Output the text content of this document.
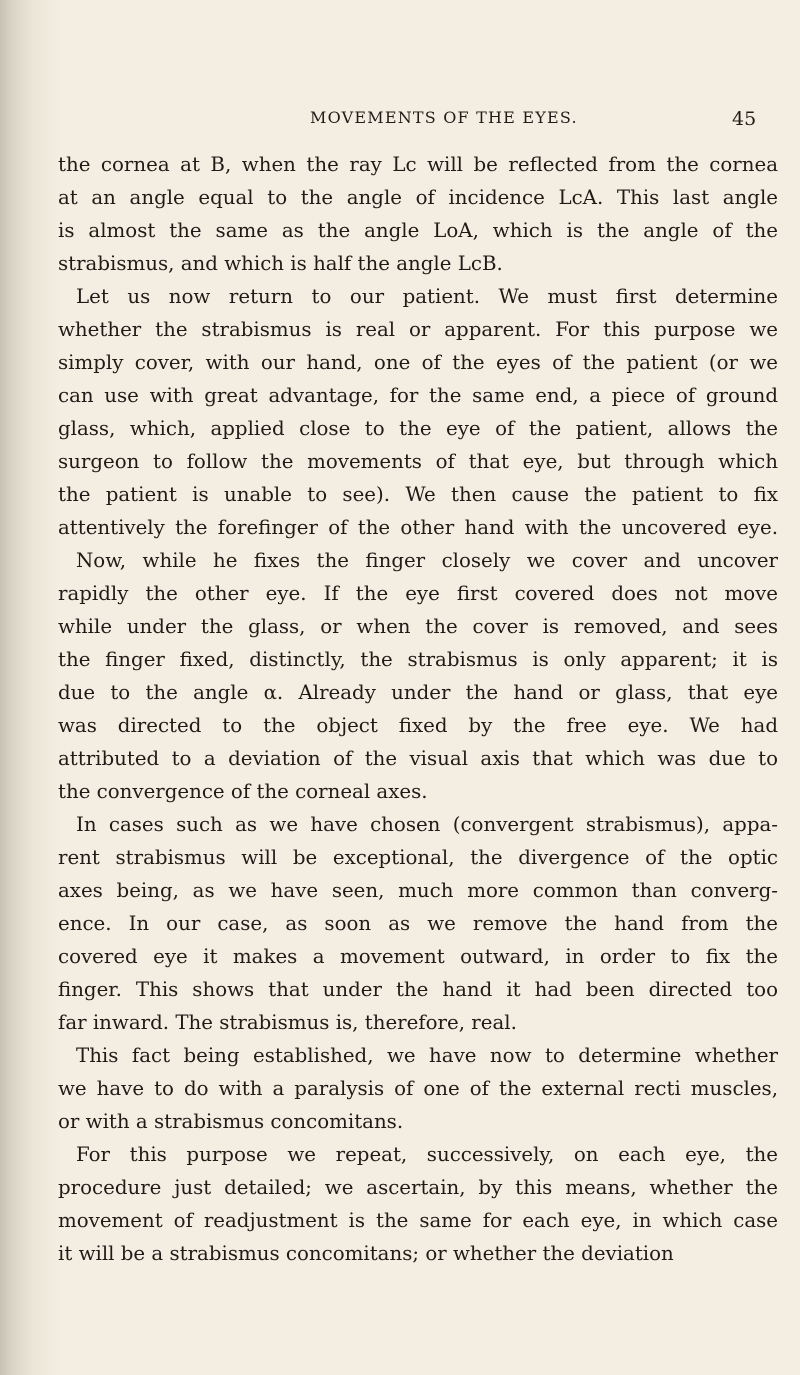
MOVEMENTS OF THE EYES.	45
the cornea at B, when the ray Lc will be reflected from the cornea
at an angle equal to the angle of incidence LcA. This last angle
is almost the same as the angle LoA, which is the angle of the
strabismus, and which is half the angle LcB.
Let us now return to our patient. We must first determine
whether the strabismus is real or apparent. For this purpose we
simply cover, with our hand, one of the eyes of the patient (or we
can use with great advantage, for the same end, a piece of ground
glass, which, applied close to the eye of the patient, allows the
surgeon to follow the movements of that eye, but through which
the patient is unable to see). We then cause the patient to fix
attentively the forefinger of the other hand with the uncovered eye.
Now, while he fixes the finger closely we cover and uncover
rapidly the other eye. If the eye first covered does not move
while under the glass, or when the cover is removed, and sees
the finger fixed, distinctly, the strabismus is only apparent; it is
due to the angle α. Already under the hand or glass, that eye
was directed to the object fixed by the free eye. We had
attributed to a deviation of the visual axis that which was due to
the convergence of the corneal axes.
In cases such as we have chosen (convergent strabismus), appa-
rent strabismus will be exceptional, the divergence of the optic
axes being, as we have seen, much more common than converg-
ence. In our case, as soon as we remove the hand from the
covered eye it makes a movement outward, in order to fix the
finger. This shows that under the hand it had been directed too
far inward. The strabismus is, therefore, real.
This fact being established, we have now to determine whether
we have to do with a paralysis of one of the external recti muscles,
or with a strabismus concomitans.
For this purpose we repeat, successively, on each eye, the
procedure just detailed; we ascertain, by this means, whether the
movement of readjustment is the same for each eye, in which case
it will be a strabismus concomitans; or whether the deviation
